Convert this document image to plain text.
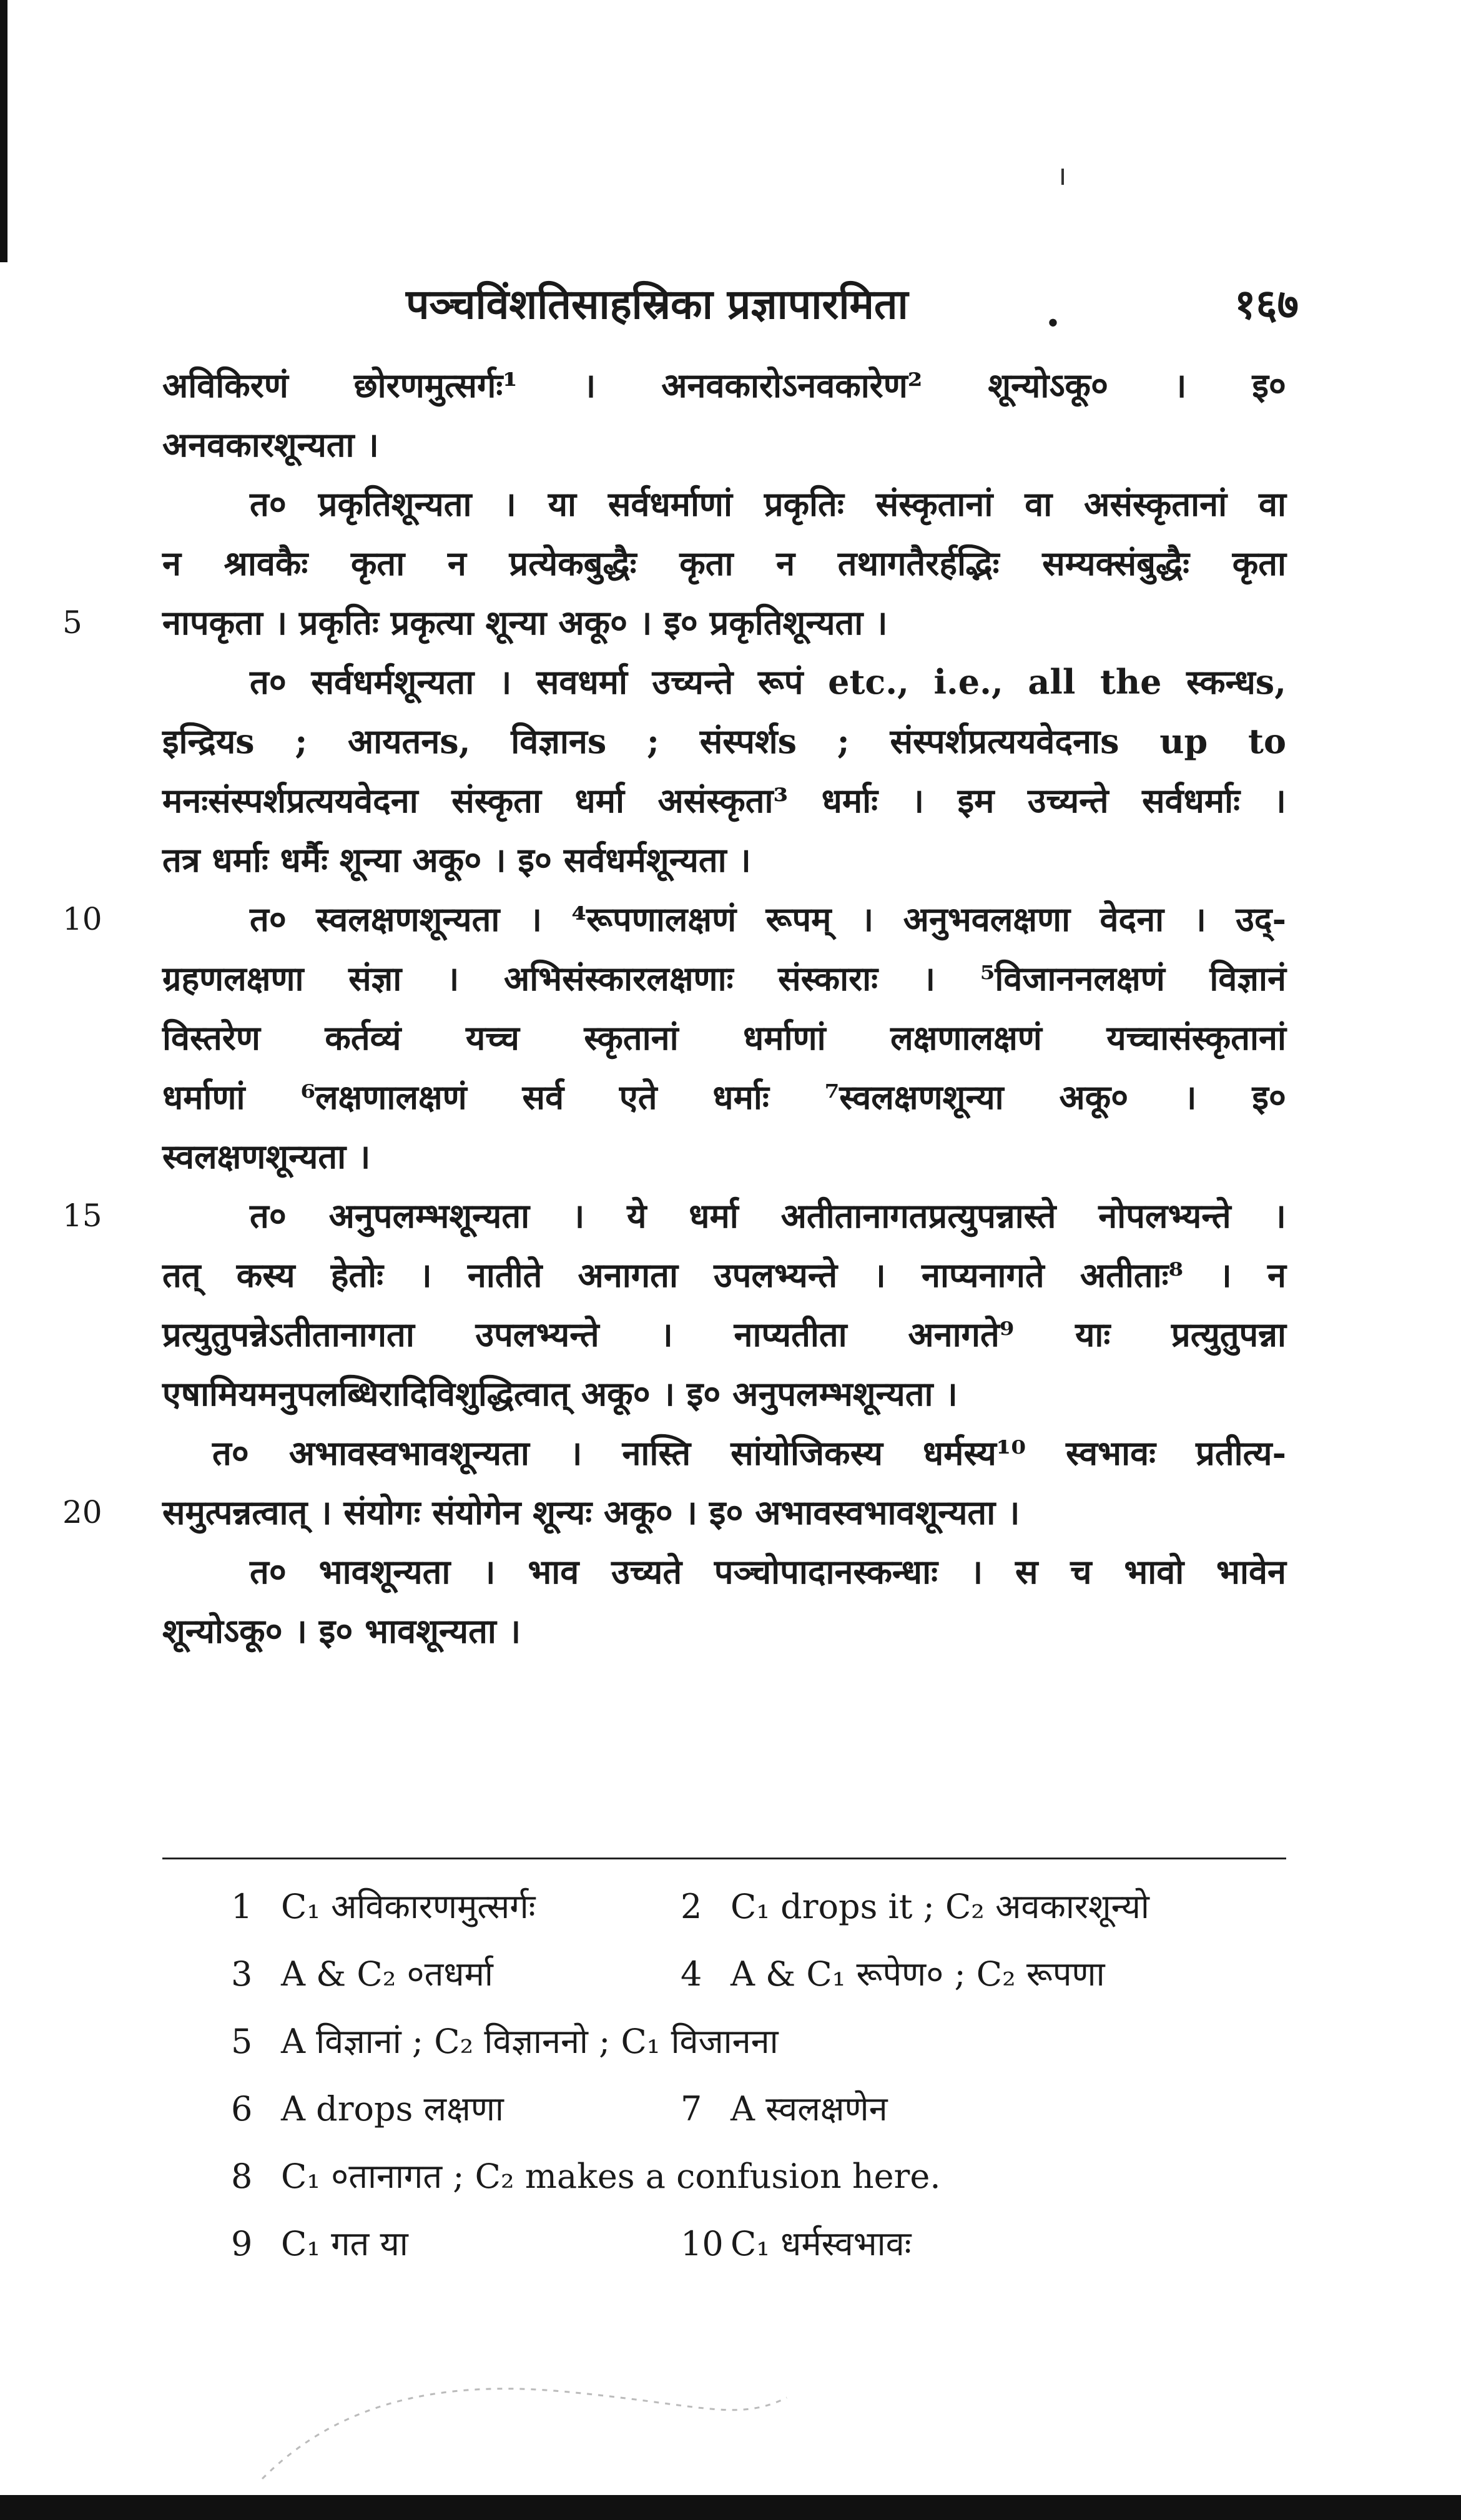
पञ्चविंशतिसाहस्रिका प्रज्ञापारमिता	.	१६७
अविकिरणं छोरणमुत्सर्गः¹ । अनवकारोऽनवकारेण² शून्योऽकू० । इ०
अनवकारशून्यता ।
त० प्रकृतिशून्यता । या सर्वधर्माणां प्रकृतिः संस्कृतानां वा असंस्कृतानां वा
न श्रावकैः कृता न प्रत्येकबुद्धैः कृता न तथागतैरर्हद्भिः सम्यक्संबुद्धैः कृता
5	नापकृता । प्रकृतिः प्रकृत्या शून्या अकू० । इ० प्रकृतिशून्यता ।
त० सर्वधर्मशून्यता । सवधर्मा उच्यन्ते रूपं etc., i.e., all the स्कन्धs,
इन्द्रियs ; आयतनs, विज्ञानs ; संस्पर्शs ; संस्पर्शप्रत्ययवेदनाs up to
मनःसंस्पर्शप्रत्ययवेदना संस्कृता धर्मा असंस्कृता³ धर्माः । इम उच्यन्ते सर्वधर्माः ।
तत्र धर्माः धर्मैः शून्या अकू० । इ० सर्वधर्मशून्यता ।
10	त० स्वलक्षणशून्यता । ⁴रूपणालक्षणं रूपम् । अनुभवलक्षणा वेदना । उद्-
ग्रहणलक्षणा संज्ञा । अभिसंस्कारलक्षणाः संस्काराः । ⁵विजाननलक्षणं विज्ञानं
विस्तरेण कर्तव्यं यच्च स्कृतानां धर्माणां लक्षणालक्षणं यच्चासंस्कृतानां
धर्माणां ⁶लक्षणालक्षणं सर्व एते धर्माः ⁷स्वलक्षणशून्या अकू० । इ०
स्वलक्षणशून्यता ।
15	त० अनुपलम्भशून्यता । ये धर्मा अतीतानागतप्रत्युपन्नास्ते नोपलभ्यन्ते ।
तत् कस्य हेतोः । नातीते अनागता उपलभ्यन्ते । नाप्यनागते अतीताः⁸ । न
प्रत्युतुपन्नेऽतीतानागता उपलभ्यन्ते । नाप्यतीता अनागते⁹ याः प्रत्युतुपन्ना
एषामियमनुपलब्धिरादिविशुद्धित्वात् अकू० । इ० अनुपलम्भशून्यता ।
त० अभावस्वभावशून्यता । नास्ति सांयोजिकस्य धर्मस्य¹⁰ स्वभावः प्रतीत्य-
20	समुत्पन्नत्वात् । संयोगः संयोगेन शून्यः अकू० । इ० अभावस्वभावशून्यता ।
त० भावशून्यता । भाव उच्यते पञ्चोपादानस्कन्धाः । स च भावो भावेन
शून्योऽकू० । इ० भावशून्यता ।
1 C₁ अविकारणमुत्सर्गः	2 C₁ drops it ; C₂ अवकारशून्यो
3 A & C₂ ०तधर्मा	4 A & C₁ रूपेण० ; C₂ रूपणा
5 A विज्ञानां ; C₂ विज्ञाननो ; C₁ विजानना
6 A drops लक्षणा	7 A स्वलक्षणेन
8 C₁ ०तानागत ; C₂ makes a confusion here.
9 C₁ गत या	10 C₁ धर्मस्वभावः
